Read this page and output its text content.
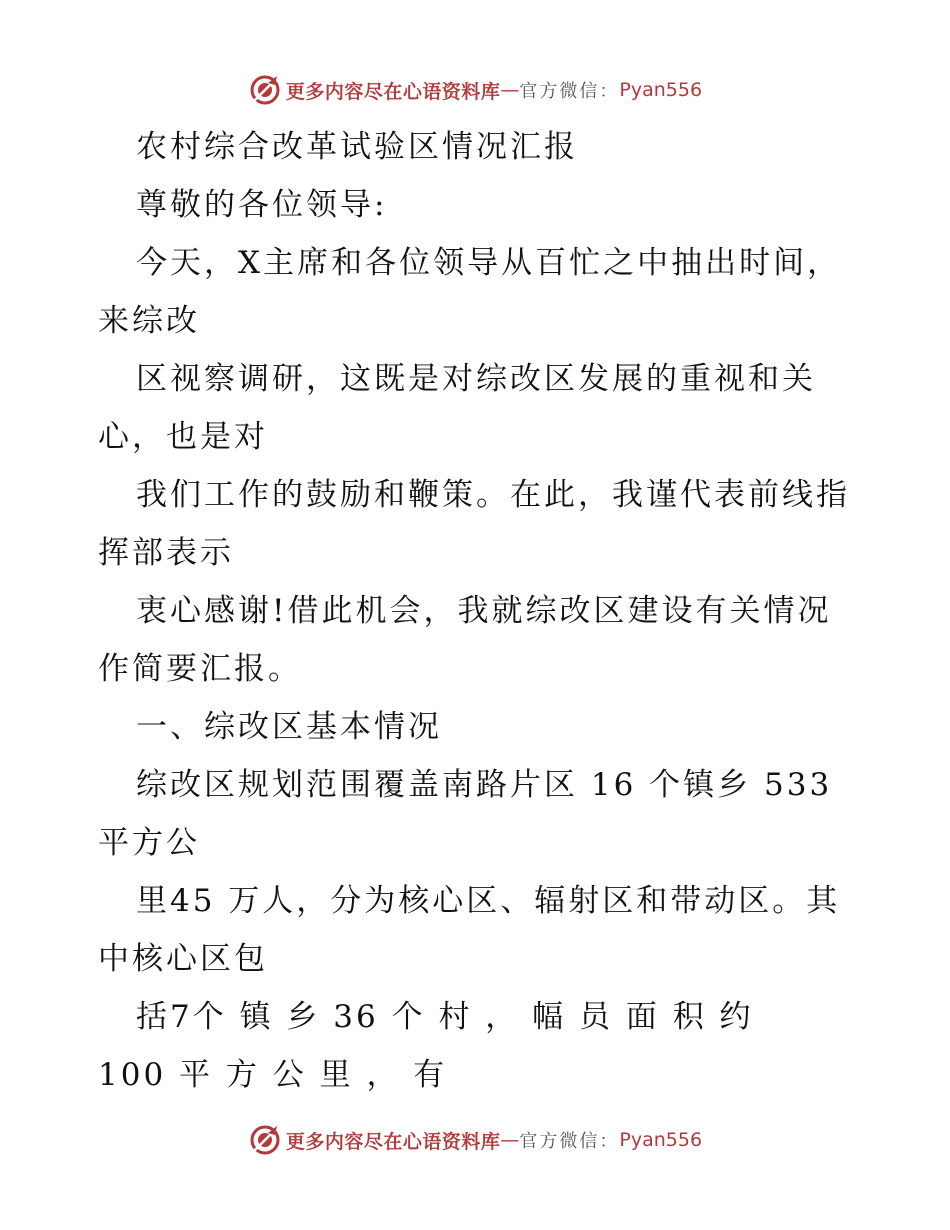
更多内容尽在心语资料库 — 官方微信： Pyan556
农村综合改革试验区情况汇报
尊敬的各位领导:
今天，X主席和各位领导从百忙之中抽出时间，
来综改
区视察调研，这既是对综改区发展的重视和关
心，也是对
我们工作的鼓励和鞭策。在此，我谨代表前线指
挥部表示
衷心感谢!借此机会，我就综改区建设有关情况
作简要汇报。
一、综改区基本情况
综改区规划范围覆盖南路片区 16 个镇乡 533
平方公
里45 万人，分为核心区、辐射区和带动区。其
中核心区包
括7个 镇 乡 36 个 村 ， 幅 员 面 积 约
100 平 方 公 里 ， 有
更多内容尽在心语资料库 — 官方微信： Pyan556
